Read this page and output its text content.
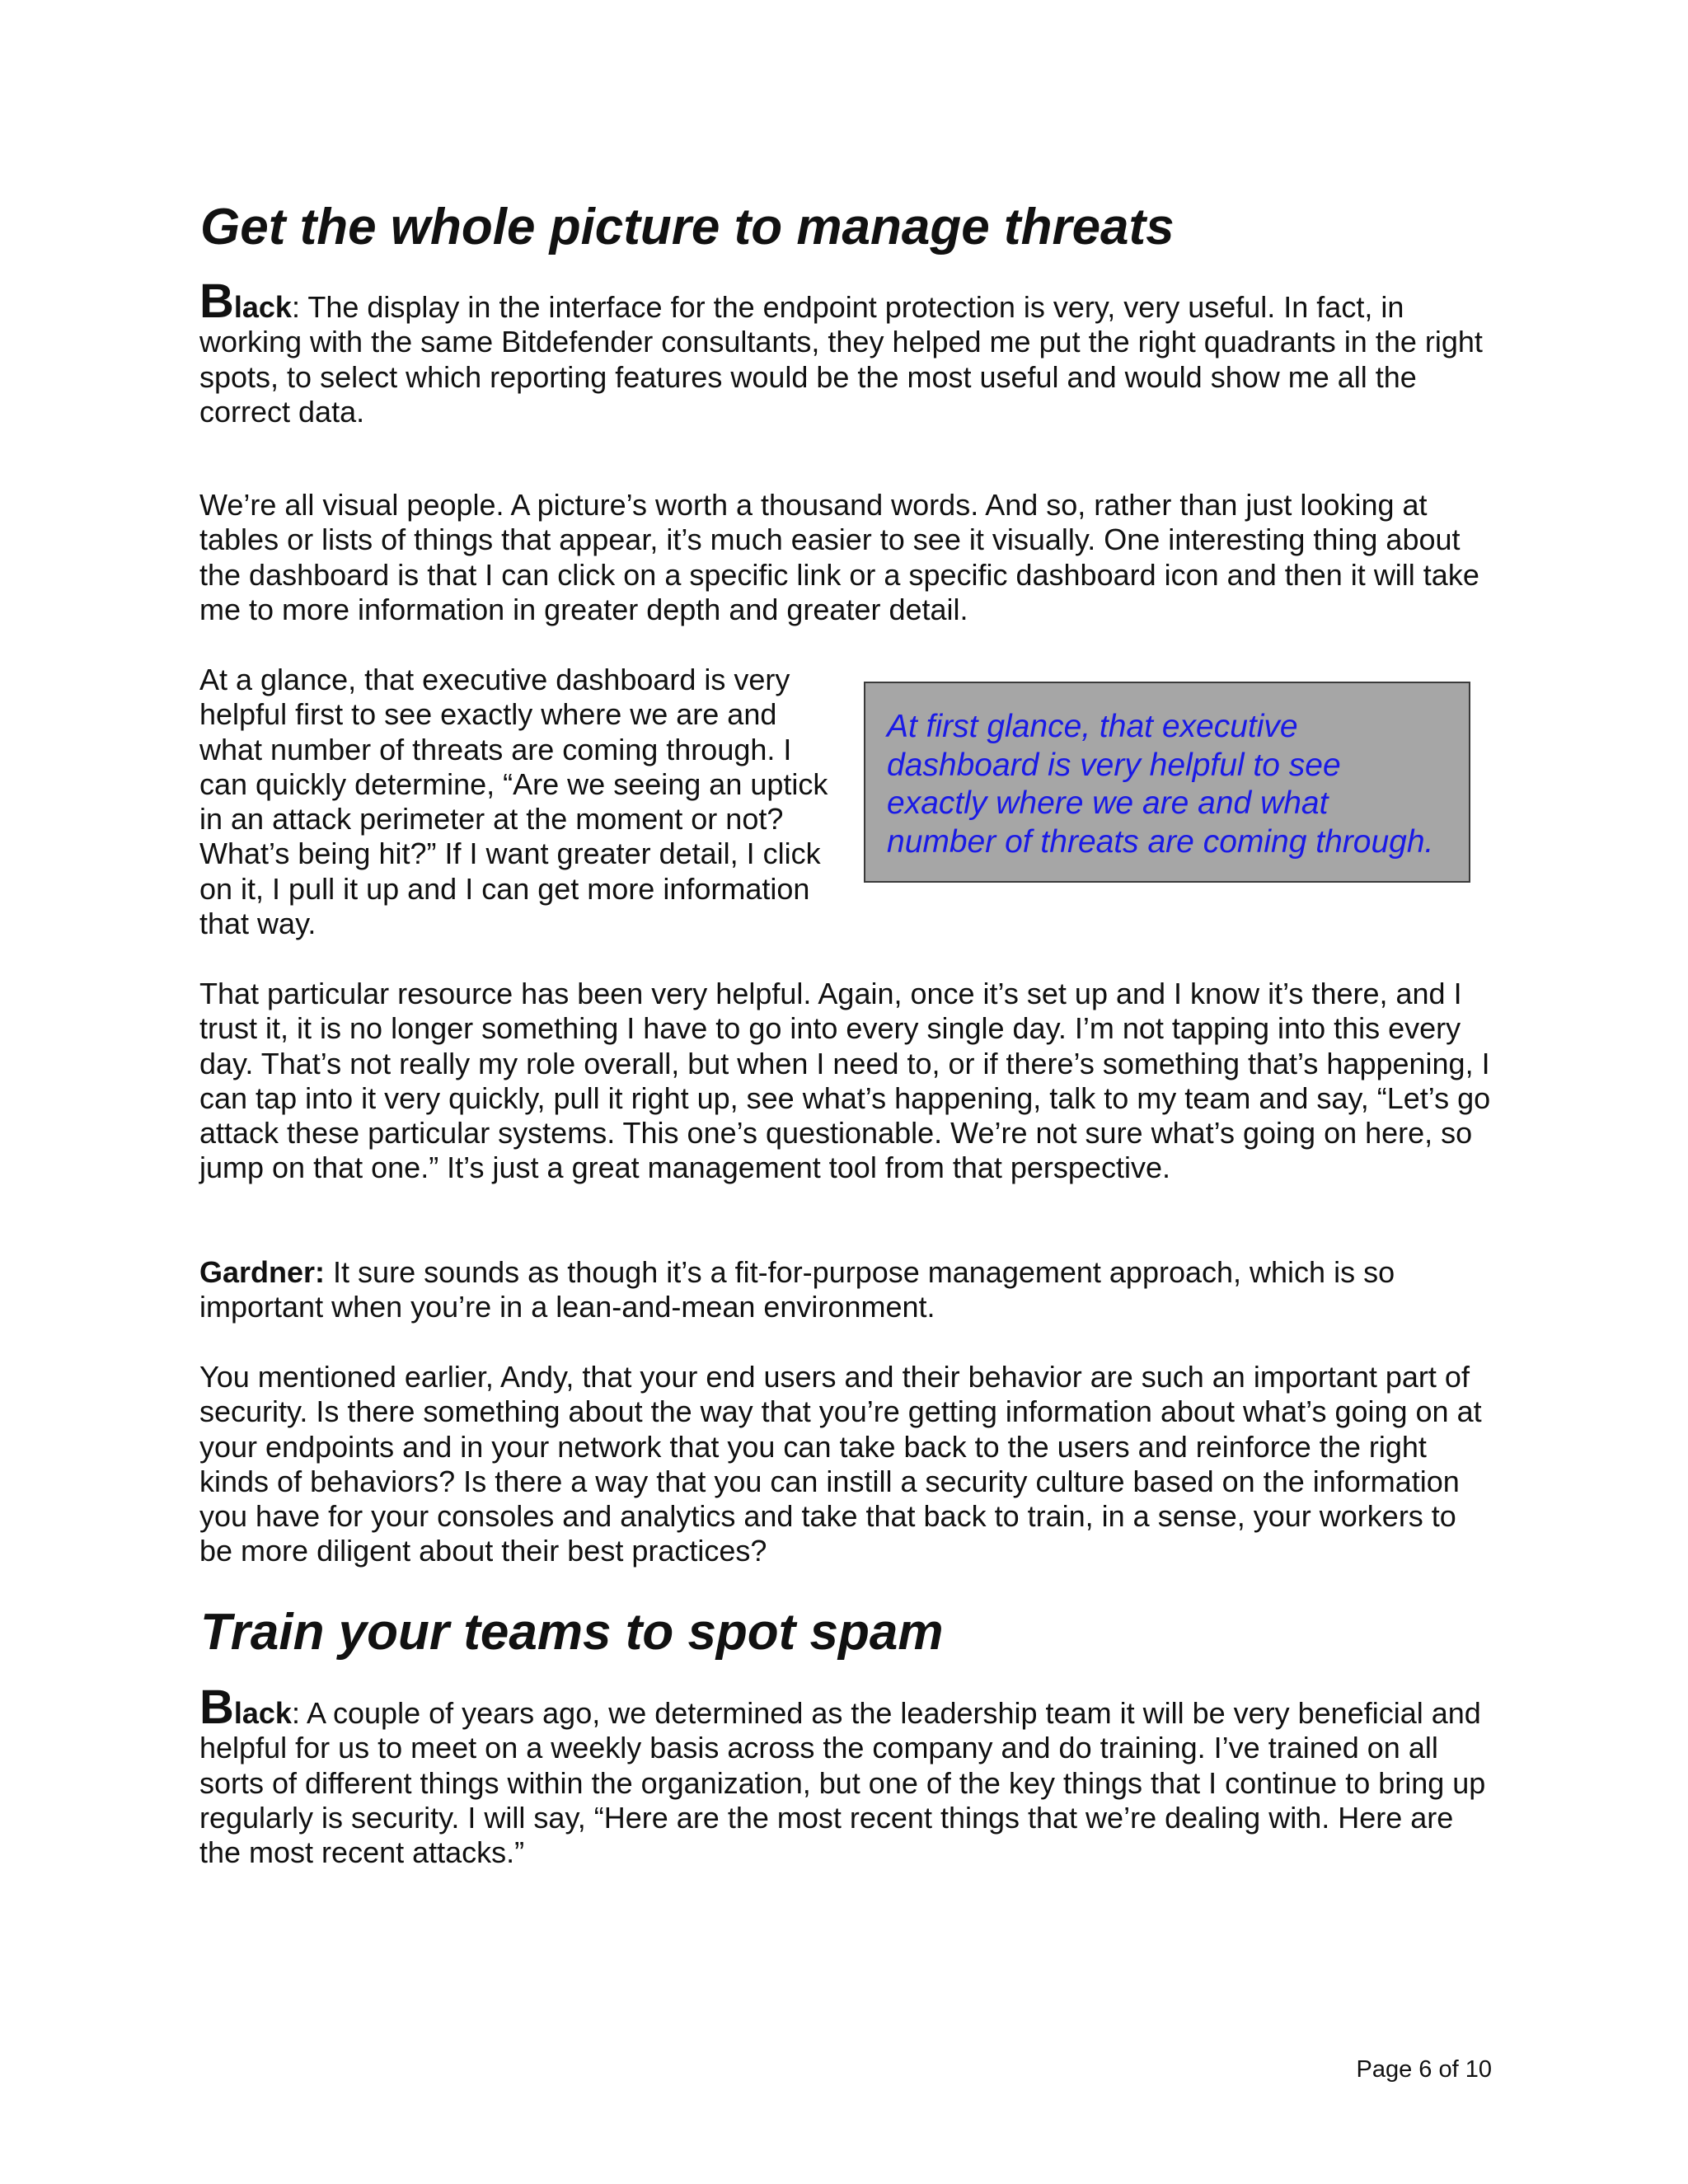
Get the whole picture to manage threats

Black: The display in the interface for the endpoint protection is very, very useful. In fact, in working with the same Bitdefender consultants, they helped me put the right quadrants in the right spots, to select which reporting features would be the most useful and would show me all the correct data.

We’re all visual people. A picture’s worth a thousand words. And so, rather than just looking at tables or lists of things that appear, it’s much easier to see it visually. One interesting thing about the dashboard is that I can click on a specific link or a specific dashboard icon and then it will take me to more information in greater depth and greater detail.

At a glance, that executive dashboard is very helpful first to see exactly where we are and what number of threats are coming through. I can quickly determine, “Are we seeing an uptick in an attack perimeter at the moment or not? What’s being hit?” If I want greater detail, I click on it, I pull it up and I can get more information that way.

At first glance, that executive

dashboard is very helpful to see

exactly where we are and what

number of threats are coming through.

That particular resource has been very helpful. Again, once it’s set up and I know it’s there, and I trust it, it is no longer something I have to go into every single day. I’m not tapping into this every day. That’s not really my role overall, but when I need to, or if there’s something that’s happening, I can tap into it very quickly, pull it right up, see what’s happening, talk to my team and say, “Let’s go attack these particular systems. This one’s questionable. We’re not sure what’s going on here, so jump on that one.” It’s just a great management tool from that perspective.

Gardner: It sure sounds as though it’s a fit-for-purpose management approach, which is so important when you’re in a lean-and-mean environment.

You mentioned earlier, Andy, that your end users and their behavior are such an important part of security. Is there something about the way that you’re getting information about what’s going on at your endpoints and in your network that you can take back to the users and reinforce the right kinds of behaviors? Is there a way that you can instill a security culture based on the information you have for your consoles and analytics and take that back to train, in a sense, your workers to be more diligent about their best practices?

Train your teams to spot spam

Black: A couple of years ago, we determined as the leadership team it will be very beneficial and helpful for us to meet on a weekly basis across the company and do training. I’ve trained on all sorts of different things within the organization, but one of the key things that I continue to bring up regularly is security. I will say, “Here are the most recent things that we’re dealing with. Here are the most recent attacks.”

Page 6 of 10
